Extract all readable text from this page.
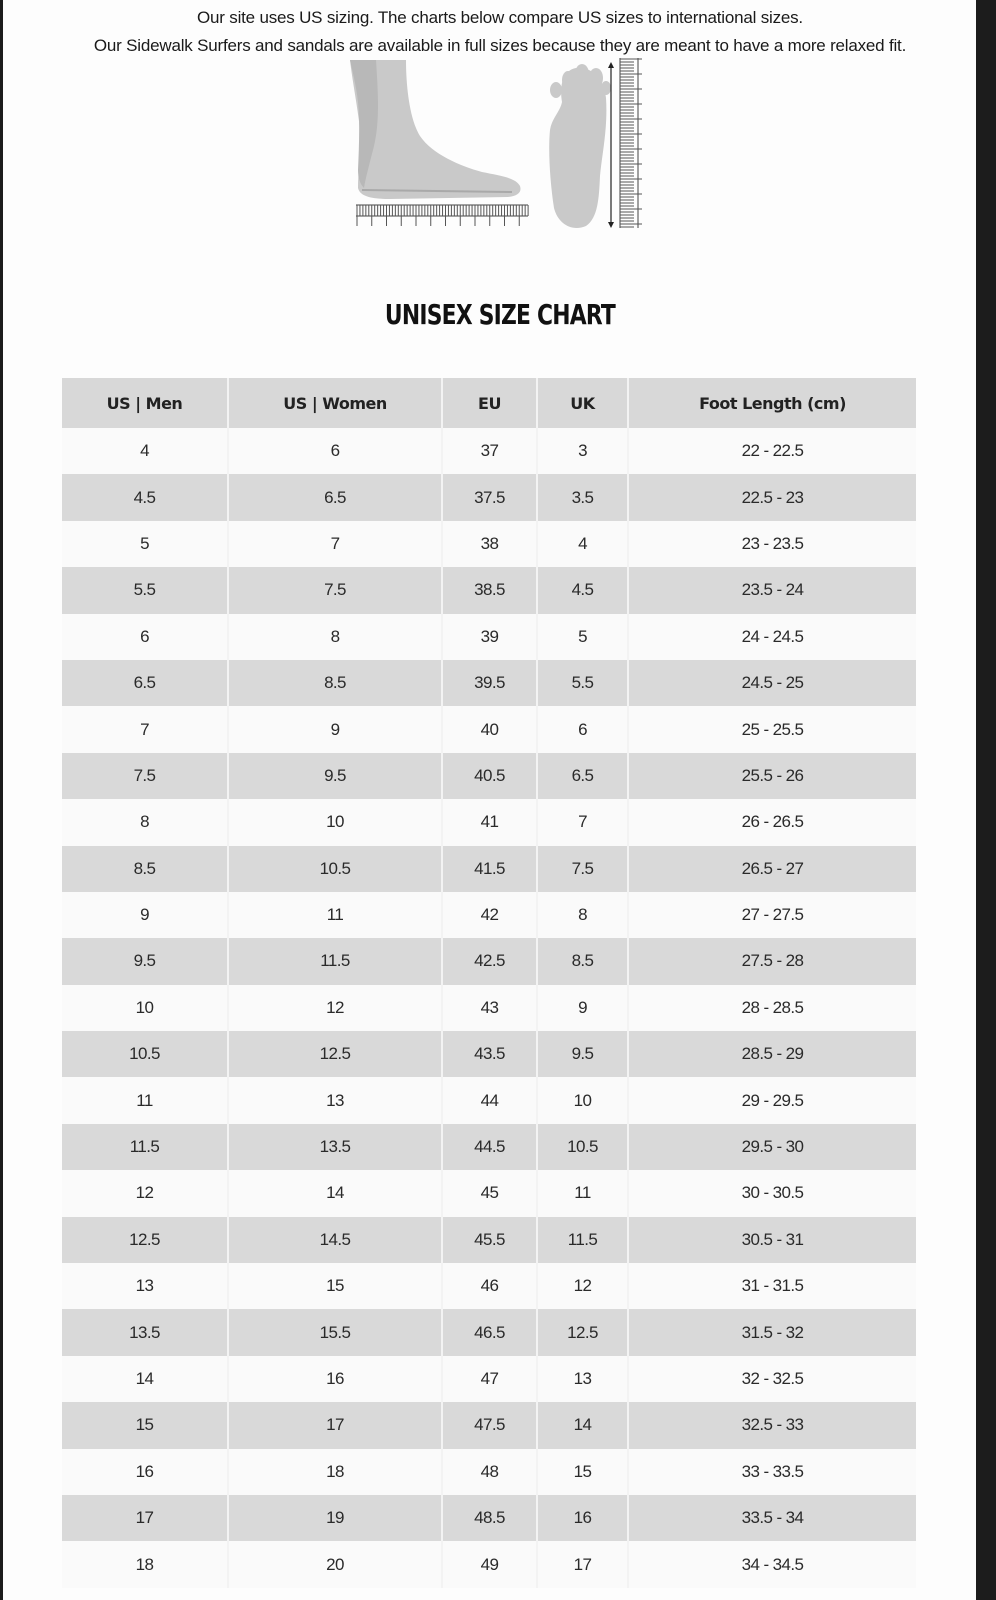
Our site uses US sizing. The charts below compare US sizes to international sizes.

Our Sidewalk Surfers and sandals are available in full sizes because they are meant to have a more relaxed fit.

UNISEX SIZE CHART
US | Men	US | Women	EU	UK	Foot Length (cm)
4	6	37	3	22 - 22.5
4.5	6.5	37.5	3.5	22.5 - 23
5	7	38	4	23 - 23.5
5.5	7.5	38.5	4.5	23.5 - 24
6	8	39	5	24 - 24.5
6.5	8.5	39.5	5.5	24.5 - 25
7	9	40	6	25 - 25.5
7.5	9.5	40.5	6.5	25.5 - 26
8	10	41	7	26 - 26.5
8.5	10.5	41.5	7.5	26.5 - 27
9	11	42	8	27 - 27.5
9.5	11.5	42.5	8.5	27.5 - 28
10	12	43	9	28 - 28.5
10.5	12.5	43.5	9.5	28.5 - 29
11	13	44	10	29 - 29.5
11.5	13.5	44.5	10.5	29.5 - 30
12	14	45	11	30 - 30.5
12.5	14.5	45.5	11.5	30.5 - 31
13	15	46	12	31 - 31.5
13.5	15.5	46.5	12.5	31.5 - 32
14	16	47	13	32 - 32.5
15	17	47.5	14	32.5 - 33
16	18	48	15	33 - 33.5
17	19	48.5	16	33.5 - 34
18	20	49	17	34 - 34.5
